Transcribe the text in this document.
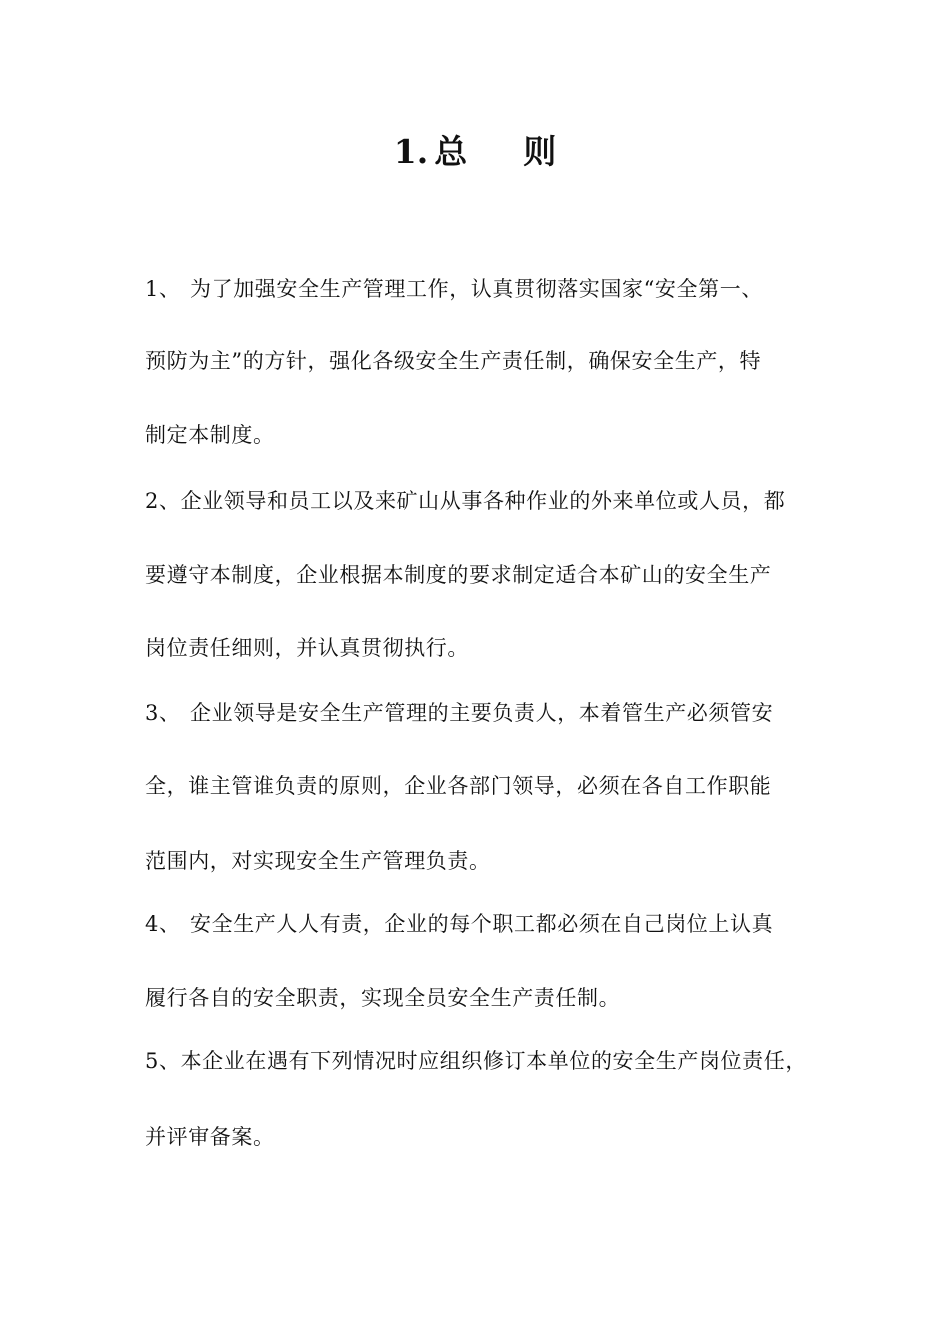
1. 总 则
1、 为了加强安全生产管理工作，认真贯彻落实国家“安全第一、
预防为主”的方针，强化各级安全生产责任制，确保安全生产，特
制定本制度。
2、企业领导和员工以及来矿山从事各种作业的外来单位或人员，都
要遵守本制度，企业根据本制度的要求制定适合本矿山的安全生产
岗位责任细则，并认真贯彻执行。
3、 企业领导是安全生产管理的主要负责人，本着管生产必须管安
全，谁主管谁负责的原则，企业各部门领导，必须在各自工作职能
范围内，对实现安全生产管理负责。
4、 安全生产人人有责，企业的每个职工都必须在自己岗位上认真
履行各自的安全职责，实现全员安全生产责任制。
5、本企业在遇有下列情况时应组织修订本单位的安全生产岗位责任，
并评审备案。
